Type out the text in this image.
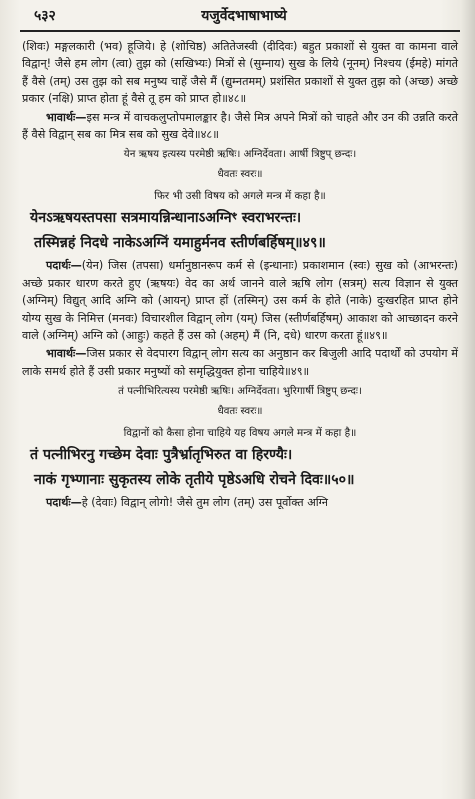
५३२	यजुर्वेदभाषाभाष्ये
(शिवः) मङ्गलकारी (भव) हूजिये। हे (शोचिष्ठ) अतितेजस्वी (दीदिवः) बहुत प्रकाशों से युक्त वा कामना वाले विद्वान्! जैसे हम लोग (त्वा) तुझ को (सखिभ्यः) मित्रों से (सुम्नाय) सुख के लिये (नूनम्) निश्चय (ईमहे) मांगते हैं वैसे (तम्) उस तुझ को सब मनुष्य चाहें जैसे मैं (द्युम्नतमम्) प्रशंसित प्रकाशों से युक्त तुझ को (अच्छ) अच्छे प्रकार (नक्षि) प्राप्त होता हूं वैसे तू हम को प्राप्त हो॥४८॥
भावार्थः—इस मन्त्र में वाचकलुप्तोपमालङ्कार है। जैसे मित्र अपने मित्रों को चाहते और उन की उन्नति करते हैं वैसे विद्वान् सब का मित्र सब को सुख देवे॥४८॥
येन ऋषय इत्यस्य परमेष्ठी ऋषिः। अग्निर्देवता। आर्षी त्रिष्टुप् छन्दः।
धैवतः स्वरः॥
फिर भी उसी विषय को अगले मन्त्र में कहा है॥
येनऽऋषयस्तपसा सत्रमायन्निन्धानाऽअग्निꣳ स्वराभरन्तः।
तस्मिन्नहं निदधे नाकेऽअग्निं यमाहुर्मनव स्तीर्णबर्हिषम्॥४९॥
पदार्थः—(येन) जिस (तपसा) धर्मानुष्ठानरूप कर्म से (इन्धानाः) प्रकाशमान (स्वः) सुख को (आभरन्तः) अच्छे प्रकार धारण करते हुए (ऋषयः) वेद का अर्थ जानने वाले ऋषि लोग (सत्रम्) सत्य विज्ञान से युक्त (अग्निम्) विद्युत् आदि अग्नि को (आयन्) प्राप्त हों (तस्मिन्) उस कर्म के होते (नाके) दुःखरहित प्राप्त होने योग्य सुख के निमित्त (मनवः) विचारशील विद्वान् लोग (यम्) जिस (स्तीर्णबर्हिषम्) आकाश को आच्छादन करने वाले (अग्निम्) अग्नि को (आहुः) कहते हैं उस को (अहम्) मैं (नि, दधे) धारण करता हूं॥४९॥
भावार्थः—जिस प्रकार से वेदपारग विद्वान् लोग सत्य का अनुष्ठान कर बिजुली आदि पदार्थों को उपयोग में लाके समर्थ होते हैं उसी प्रकार मनुष्यों को समृद्धियुक्त होना चाहिये॥४९॥
तं पत्नीभिरित्यस्य परमेष्ठी ऋषिः। अग्निर्देवता। भुरिगार्षी त्रिष्टुप् छन्दः।
धैवतः स्वरः॥
विद्वानों को कैसा होना चाहिये यह विषय अगले मन्त्र में कहा है॥
तं पत्नीभिरनु गच्छेम देवाः पुत्रैर्भ्रातृभिरुत वा हिरण्यैः।
नाकं गृभ्णानाः सुकृतस्य लोके तृतीये पृष्ठेऽअधि रोचने दिवः॥५०॥
पदार्थः—हे (देवाः) विद्वान् लोगो! जैसे तुम लोग (तम्) उस पूर्वोक्त अग्नि
